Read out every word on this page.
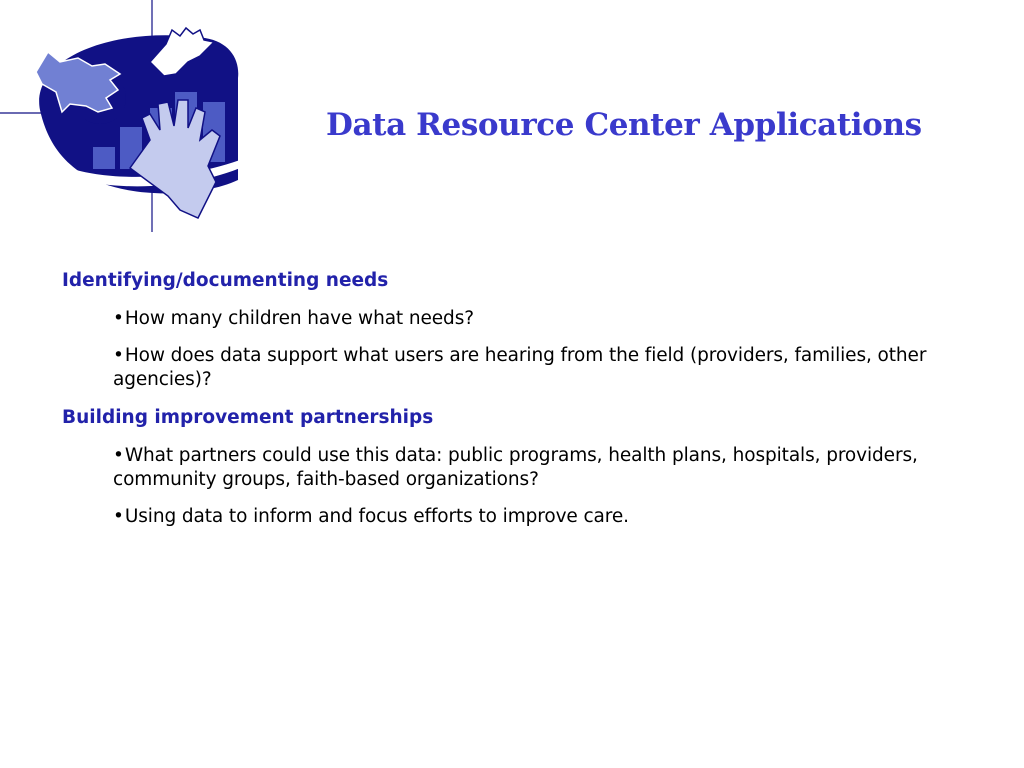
Data Resource Center Applications
Identifying/documenting needs
•How many children have what needs?
•How does data support what users are hearing from the field (providers, families, other agencies)?
Building improvement partnerships
•What partners could use this data: public programs, health plans, hospitals, providers, community groups, faith-based organizations?
•Using data to inform and focus efforts to improve care.
